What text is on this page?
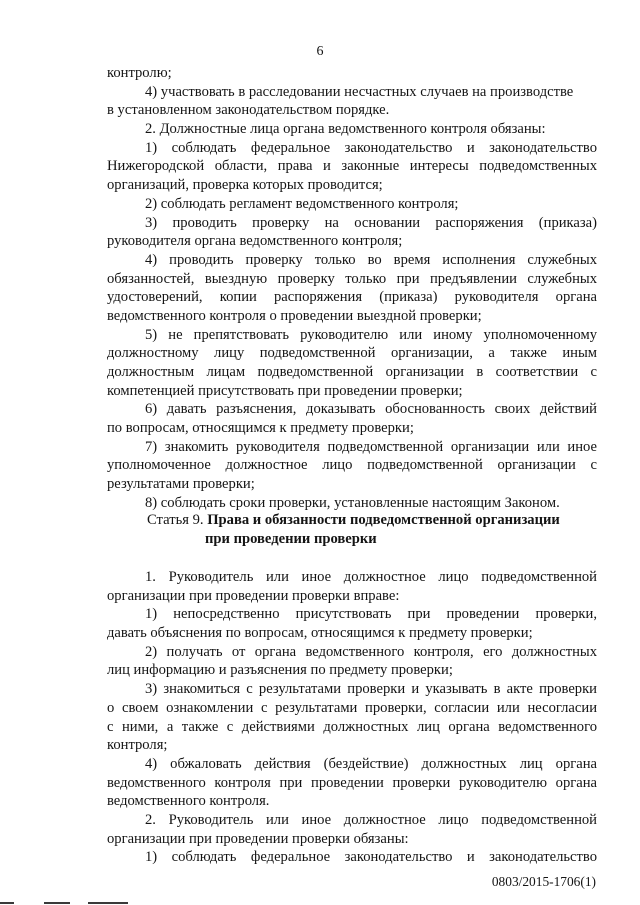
6
контролю;
4) участвовать в расследовании несчастных случаев на производстве
в установленном законодательством порядке.
2. Должностные лица органа ведомственного контроля обязаны:
1) соблюдать федеральное законодательство и законодательство
Нижегородской области, права и законные интересы подведомственных
организаций, проверка которых проводится;
2) соблюдать регламент ведомственного контроля;
3) проводить проверку на основании распоряжения (приказа)
руководителя органа ведомственного контроля;
4) проводить проверку только во время исполнения служебных
обязанностей, выездную проверку только при предъявлении служебных
удостоверений, копии распоряжения (приказа) руководителя органа
ведомственного контроля о проведении выездной проверки;
5) не препятствовать руководителю или иному уполномоченному
должностному лицу подведомственной организации, а также иным
должностным лицам подведомственной организации в соответствии с
компетенцией присутствовать при проведении проверки;
6) давать разъяснения, доказывать обоснованность своих действий
по вопросам, относящимся к предмету проверки;
7) знакомить руководителя подведомственной организации или иное
уполномоченное должностное лицо подведомственной организации с
результатами проверки;
8) соблюдать сроки проверки, установленные настоящим Законом.
Статья 9. Права и обязанности подведомственной организации
при проведении проверки
1. Руководитель или иное должностное лицо подведомственной
организации при проведении проверки вправе:
1) непосредственно присутствовать при проведении проверки,
давать объяснения по вопросам, относящимся к предмету проверки;
2) получать от органа ведомственного контроля, его должностных
лиц информацию и разъяснения по предмету проверки;
3) знакомиться с результатами проверки и указывать в акте проверки
о своем ознакомлении с результатами проверки, согласии или несогласии
с ними, а также с действиями должностных лиц органа ведомственного
контроля;
4) обжаловать действия (бездействие) должностных лиц органа
ведомственного контроля при проведении проверки руководителю органа
ведомственного контроля.
2. Руководитель или иное должностное лицо подведомственной
организации при проведении проверки обязаны:
1) соблюдать федеральное законодательство и законодательство
0803/2015-1706(1)
